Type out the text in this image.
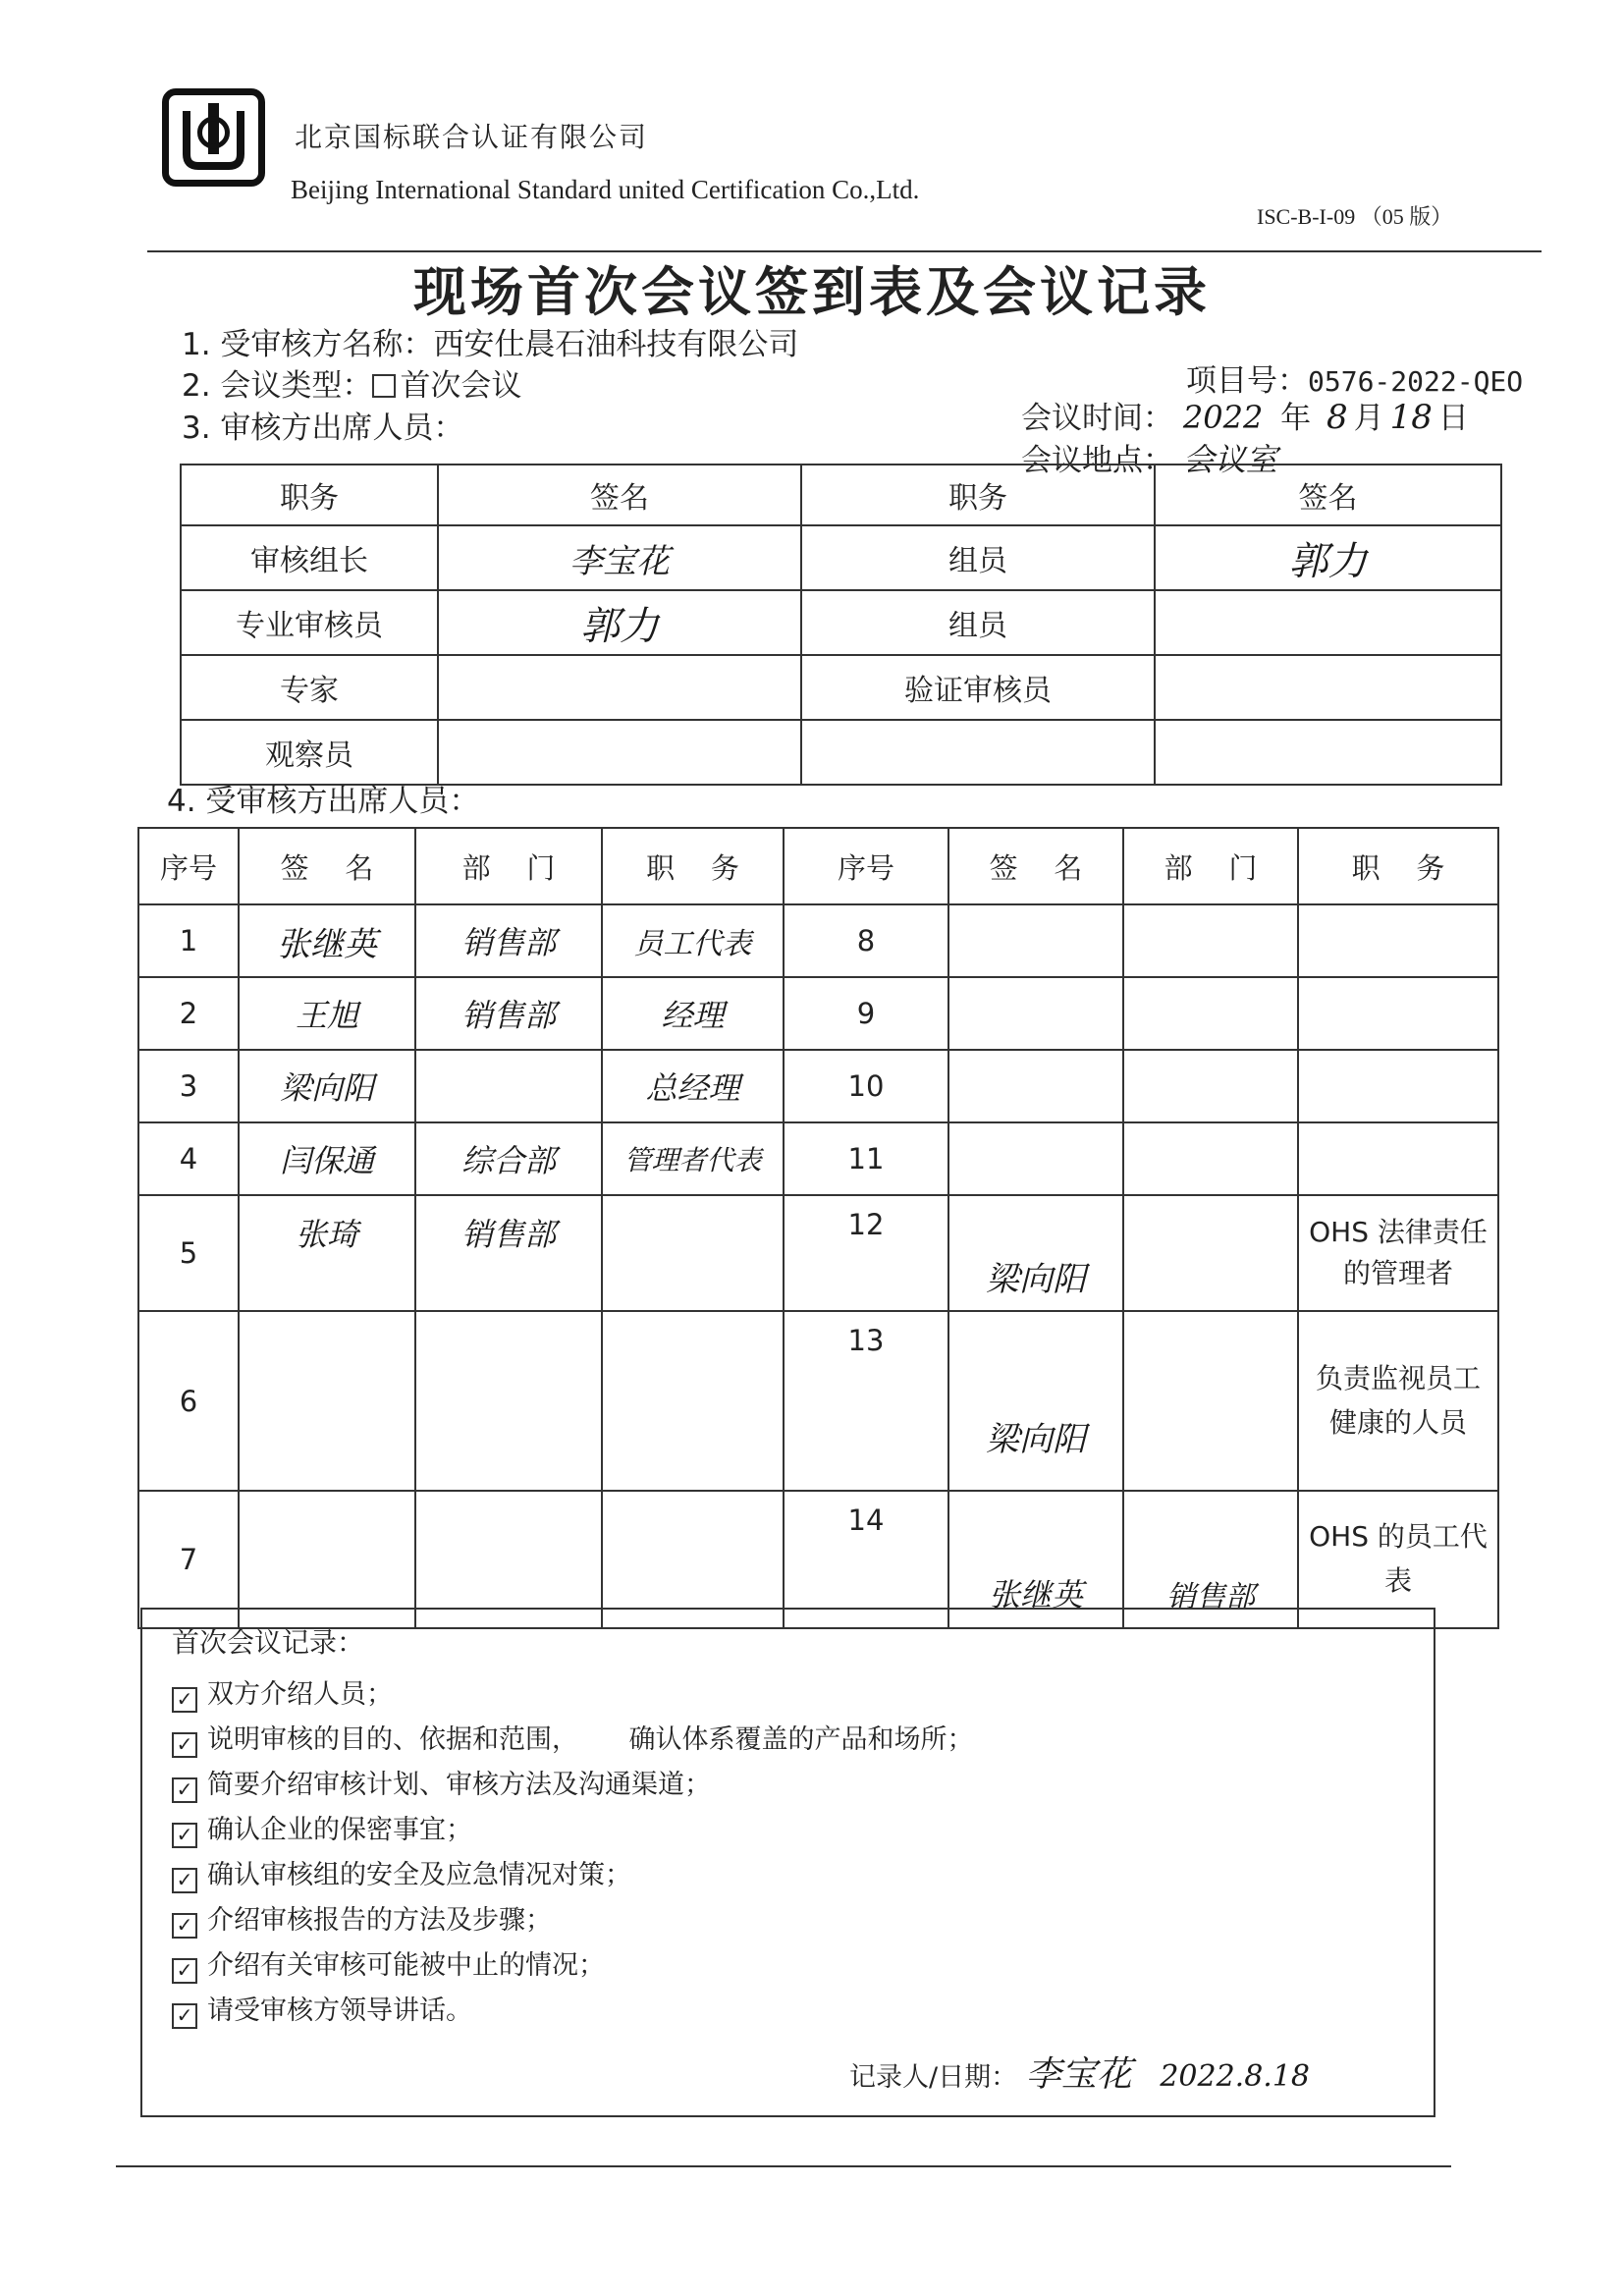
北京国标联合认证有限公司
Beijing International Standard united Certification Co.,Ltd.
ISC-B-I-09 （05 版）
现场首次会议签到表及会议记录
1. 受审核方名称：西安仕晨石油科技有限公司
2. 会议类型： 首次会议
3. 审核方出席人员：
项目号：0576-2022-QEO
会议时间： 2022 年 8 月 18 日
会议地点： 会议室
职务	签名	职务	签名
审核组长	李宝花	组员	郭力
专业审核员	郭力	组员	
专家		验证审核员	
观察员			
4. 受审核方出席人员：
序号	签    名	部    门	职    务	序号	签    名	部    门	职    务
1	张继英	销售部	员工代表	8			
2	王旭	销售部	经理	9			
3	梁向阳		总经理	10			
4	闫保通	综合部	管理者代表	11			
5	张琦	销售部		12	梁向阳		OHS 法律责任的管理者
6				13	梁向阳		负责监视员工健康的人员
7				14	张继英	销售部	OHS 的员工代表
首次会议记录：
✓ 双方介绍人员；
✓ 说明审核的目的、依据和范围，      确认体系覆盖的产品和场所；
✓ 简要介绍审核计划、审核方法及沟通渠道；
✓ 确认企业的保密事宜；
✓ 确认审核组的安全及应急情况对策；
✓ 介绍审核报告的方法及步骤；
✓ 介绍有关审核可能被中止的情况；
✓ 请受审核方领导讲话。
记录人/日期： 李宝花 2022.8.18
